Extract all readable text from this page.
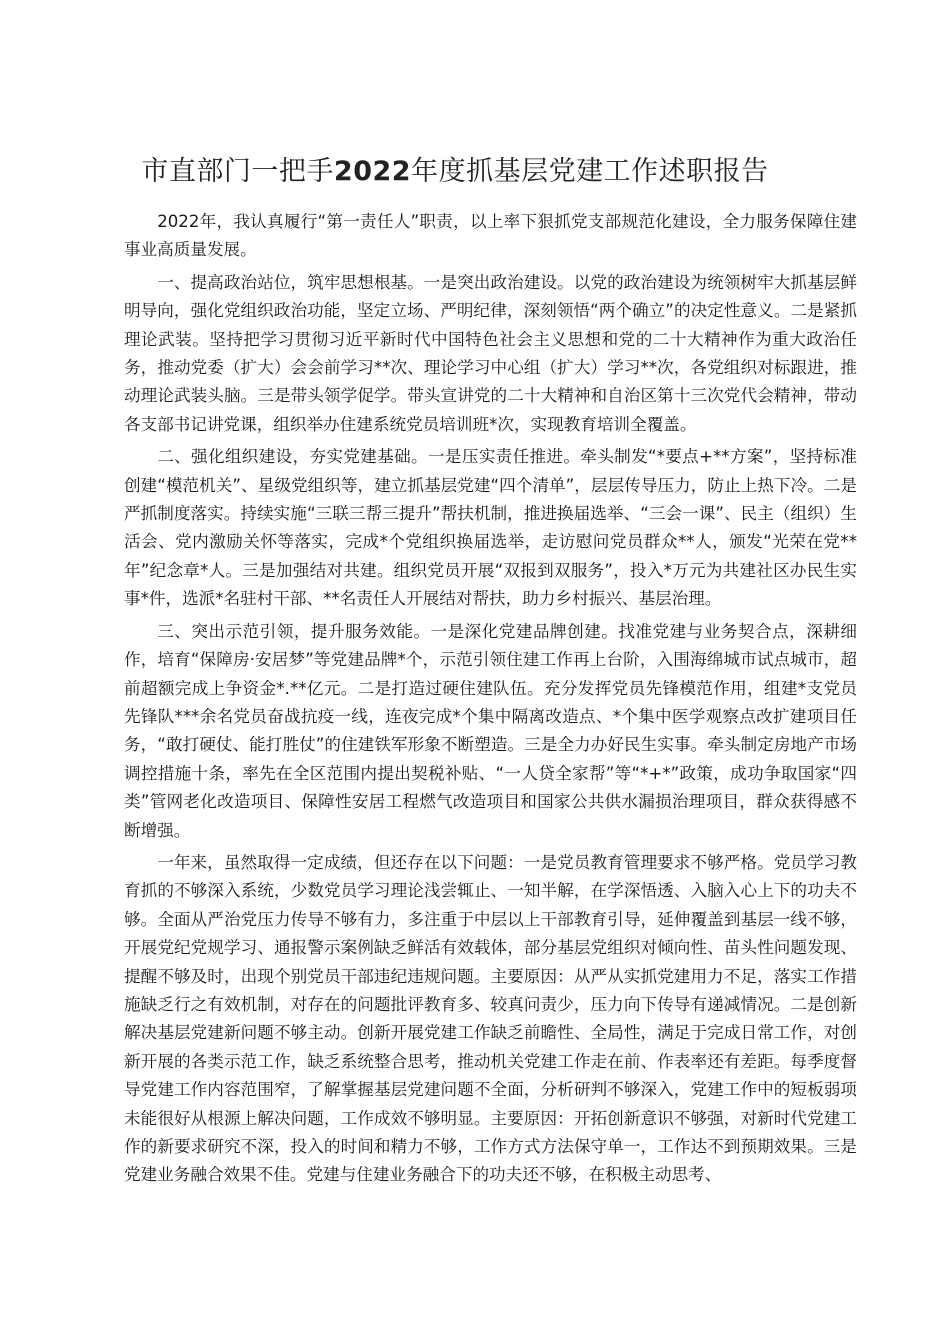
市直部门一把手2022年度抓基层党建工作述职报告

2022年，我认真履行“第一责任人”职责，以上率下狠抓党支部规范化建设，全力服务保障住建事业高质量发展。

一、提高政治站位，筑牢思想根基。一是突出政治建设。以党的政治建设为统领树牢大抓基层鲜明导向，强化党组织政治功能，坚定立场、严明纪律，深刻领悟“两个确立”的决定性意义。二是紧抓理论武装。坚持把学习贯彻习近平新时代中国特色社会主义思想和党的二十大精神作为重大政治任务，推动党委（扩大）会会前学习**次、理论学习中心组（扩大）学习**次，各党组织对标跟进，推动理论武装头脑。三是带头领学促学。带头宣讲党的二十大精神和自治区第十三次党代会精神，带动各支部书记讲党课，组织举办住建系统党员培训班*次，实现教育培训全覆盖。

二、强化组织建设，夯实党建基础。一是压实责任推进。牵头制发“*要点+**方案”，坚持标准创建“模范机关”、星级党组织等，建立抓基层党建“四个清单”，层层传导压力，防止上热下冷。二是严抓制度落实。持续实施“三联三帮三提升”帮扶机制，推进换届选举、“三会一课”、民主（组织）生活会、党内激励关怀等落实，完成*个党组织换届选举，走访慰问党员群众**人，颁发“光荣在党**年”纪念章*人。三是加强结对共建。组织党员开展“双报到双服务”，投入*万元为共建社区办民生实事*件，选派*名驻村干部、**名责任人开展结对帮扶，助力乡村振兴、基层治理。

三、突出示范引领，提升服务效能。一是深化党建品牌创建。找准党建与业务契合点，深耕细作，培育“保障房·安居梦”等党建品牌*个，示范引领住建工作再上台阶，入围海绵城市试点城市，超前超额完成上争资金*.**亿元。二是打造过硬住建队伍。充分发挥党员先锋模范作用，组建*支党员先锋队***余名党员奋战抗疫一线，连夜完成*个集中隔离改造点、*个集中医学观察点改扩建项目任务，“敢打硬仗、能打胜仗”的住建铁军形象不断塑造。三是全力办好民生实事。牵头制定房地产市场调控措施十条，率先在全区范围内提出契税补贴、“一人贷全家帮”等“*+*”政策，成功争取国家“四类”管网老化改造项目、保障性安居工程燃气改造项目和国家公共供水漏损治理项目，群众获得感不断增强。

一年来，虽然取得一定成绩，但还存在以下问题：一是党员教育管理要求不够严格。党员学习教育抓的不够深入系统，少数党员学习理论浅尝辄止、一知半解，在学深悟透、入脑入心上下的功夫不够。全面从严治党压力传导不够有力，多注重于中层以上干部教育引导，延伸覆盖到基层一线不够，开展党纪党规学习、通报警示案例缺乏鲜活有效载体，部分基层党组织对倾向性、苗头性问题发现、提醒不够及时，出现个别党员干部违纪违规问题。主要原因：从严从实抓党建用力不足，落实工作措施缺乏行之有效机制，对存在的问题批评教育多、较真问责少，压力向下传导有递减情况。二是创新解决基层党建新问题不够主动。创新开展党建工作缺乏前瞻性、全局性，满足于完成日常工作，对创新开展的各类示范工作，缺乏系统整合思考，推动机关党建工作走在前、作表率还有差距。每季度督导党建工作内容范围窄，了解掌握基层党建问题不全面，分析研判不够深入，党建工作中的短板弱项未能很好从根源上解决问题，工作成效不够明显。主要原因：开拓创新意识不够强，对新时代党建工作的新要求研究不深，投入的时间和精力不够，工作方式方法保守单一，工作达不到预期效果。三是党建业务融合效果不佳。党建与住建业务融合下的功夫还不够，在积极主动思考、
